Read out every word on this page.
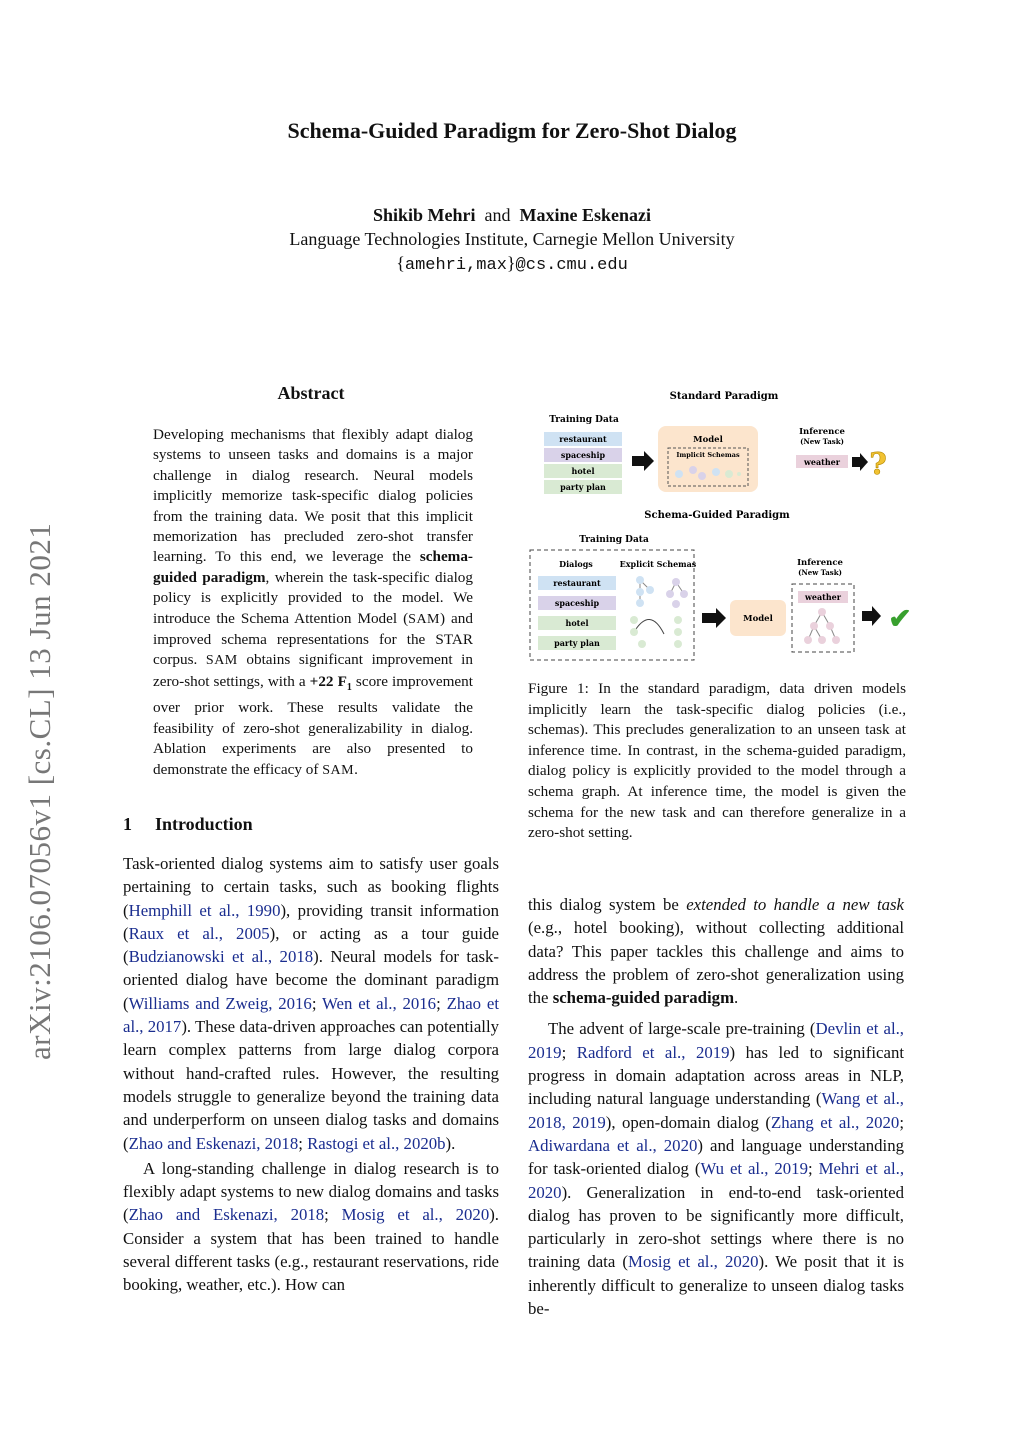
Schema-Guided Paradigm for Zero-Shot Dialog
Shikib Mehri and Maxine Eskenazi
Language Technologies Institute, Carnegie Mellon University
{amehri,max}@cs.cmu.edu
arXiv:2106.07056v1 [cs.CL] 13 Jun 2021
Abstract
Developing mechanisms that flexibly adapt dialog systems to unseen tasks and domains is a major challenge in dialog research. Neural models implicitly memorize task-specific dialog policies from the training data. We posit that this implicit memorization has precluded zero-shot transfer learning. To this end, we leverage the schema-guided paradigm, wherein the task-specific dialog policy is explicitly provided to the model. We introduce the Schema Attention Model (SAM) and improved schema representations for the STAR corpus. SAM obtains significant improvement in zero-shot settings, with a +22 $F_1$ score improvement over prior work. These results validate the feasibility of zero-shot generalizability in dialog. Ablation experiments are also presented to demonstrate the efficacy of SAM.
1 Introduction

Task-oriented dialog systems aim to satisfy user goals pertaining to certain tasks, such as booking flights (Hemphill et al., 1990), providing transit information (Raux et al., 2005), or acting as a tour guide (Budzianowski et al., 2018). Neural models for task-oriented dialog have become the dominant paradigm (Williams and Zweig, 2016; Wen et al., 2016; Zhao et al., 2017). These data-driven approaches can potentially learn complex patterns from large dialog corpora without hand-crafted rules. However, the resulting models struggle to generalize beyond the training data and underperform on unseen dialog tasks and domains (Zhao and Eskenazi, 2018; Rastogi et al., 2020b).

A long-standing challenge in dialog research is to flexibly adapt systems to new dialog domains and tasks (Zhao and Eskenazi, 2018; Mosig et al., 2020). Consider a system that has been trained to handle several different tasks (e.g., restaurant reservations, ride booking, weather, etc.). How can

Standard Paradigm
Training Data
restaurant
spaceship
hotel
party plan
Model
Implicit Schemas
Inference
(New Task)
weather ?
Schema-Guided Paradigm
Training Data
Dialogs	Explicit Schemas
restaurant
spaceship
hotel
party plan
Model
Inference
(New Task)
weather
✔
Figure 1: In the standard paradigm, data driven models implicitly learn the task-specific dialog policies (i.e., schemas). This precludes generalization to an unseen task at inference time. In contrast, in the schema-guided paradigm, dialog policy is explicitly provided to the model through a schema graph. At inference time, the model is given the schema for the new task and can therefore generalize in a zero-shot setting.

this dialog system be extended to handle a new task (e.g., hotel booking), without collecting additional data? This paper tackles this challenge and aims to address the problem of zero-shot generalization using the schema-guided paradigm.

The advent of large-scale pre-training (Devlin et al., 2019; Radford et al., 2019) has led to significant progress in domain adaptation across areas in NLP, including natural language understanding (Wang et al., 2018, 2019), open-domain dialog (Zhang et al., 2020; Adiwardana et al., 2020) and language understanding for task-oriented dialog (Wu et al., 2019; Mehri et al., 2020). Generalization in end-to-end task-oriented dialog has proven to be significantly more difficult, particularly in zero-shot settings where there is no training data (Mosig et al., 2020). We posit that it is inherently difficult to generalize to unseen dialog tasks be-
